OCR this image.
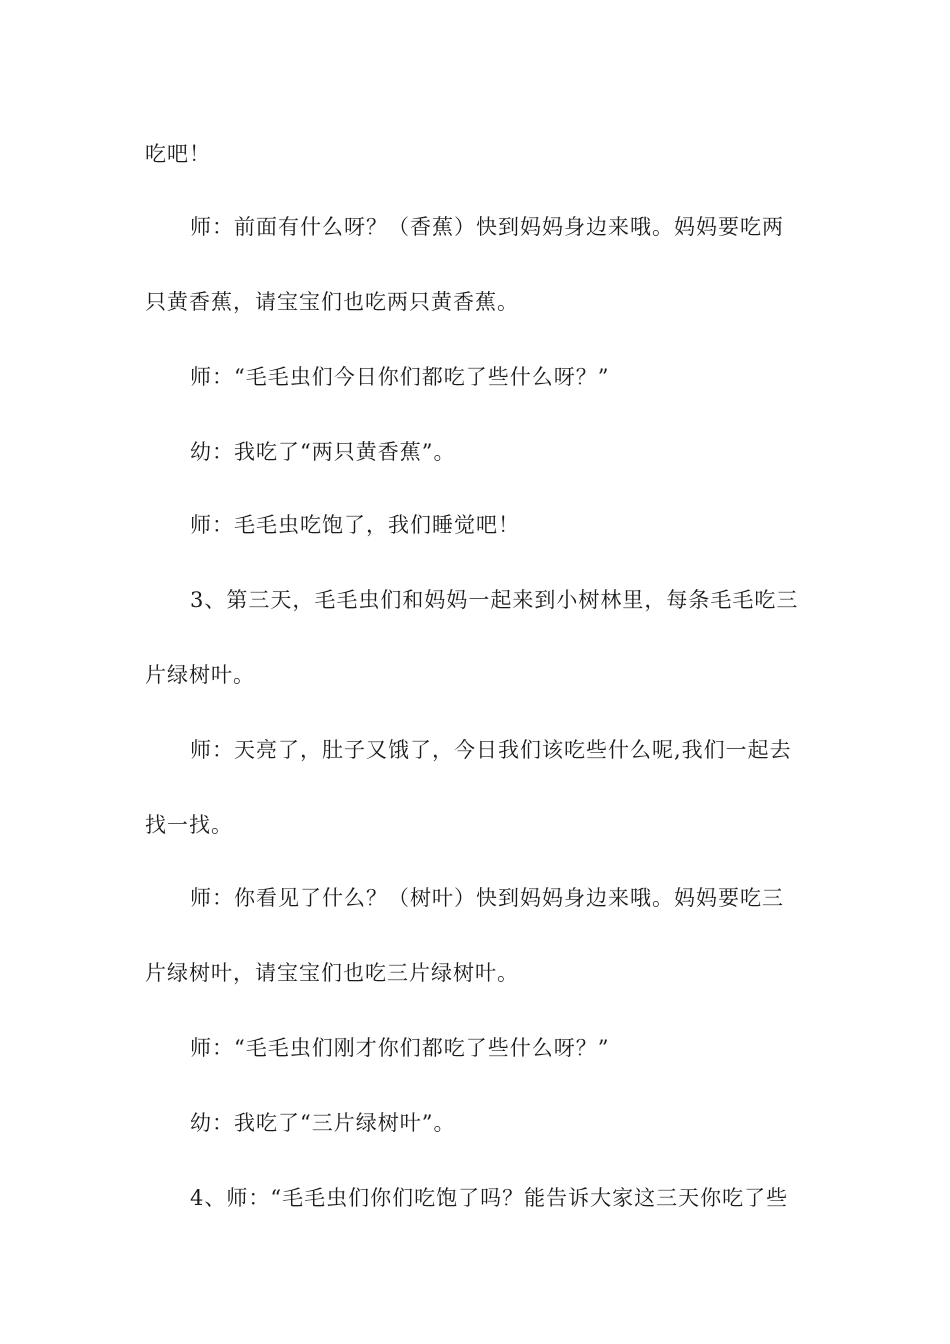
吃吧！
师：前面有什么呀？（香蕉）快到妈妈身边来哦。妈妈要吃两
只黄香蕉，请宝宝们也吃两只黄香蕉。
师：“毛毛虫们今日你们都吃了些什么呀？”
幼：我吃了“两只黄香蕉”。
师：毛毛虫吃饱了，我们睡觉吧！
3、第三天，毛毛虫们和妈妈一起来到小树林里，每条毛毛吃三
片绿树叶。
师：天亮了，肚子又饿了，今日我们该吃些什么呢,我们一起去
找一找。
师：你看见了什么？（树叶）快到妈妈身边来哦。妈妈要吃三
片绿树叶，请宝宝们也吃三片绿树叶。
师：“毛毛虫们刚才你们都吃了些什么呀？”
幼：我吃了“三片绿树叶”。
4、师：“毛毛虫们你们吃饱了吗？能告诉大家这三天你吃了些
